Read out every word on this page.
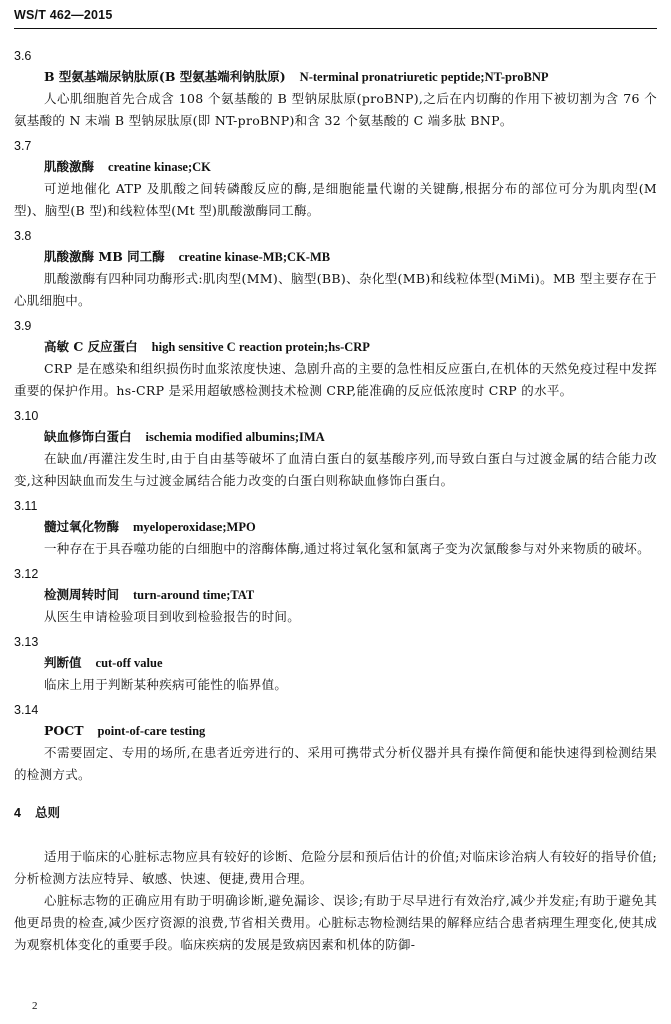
WS/T 462—2015
3.6
B 型氨基端尿钠肽原(B 型氨基端利钠肽原) N-terminal pronatriuretic peptide;NT-proBNP

人心肌细胞首先合成含 108 个氨基酸的 B 型钠尿肽原(proBNP),之后在内切酶的作用下被切割为含 76 个氨基酸的 N 末端 B 型钠尿肽原(即 NT-proBNP)和含 32 个氨基酸的 C 端多肽 BNP。

3.7
肌酸激酶 creatine kinase;CK

可逆地催化 ATP 及肌酸之间转磷酸反应的酶,是细胞能量代谢的关键酶,根据分布的部位可分为肌肉型(M 型)、脑型(B 型)和线粒体型(Mt 型)肌酸激酶同工酶。

3.8
肌酸激酶 MB 同工酶 creatine kinase-MB;CK-MB

肌酸激酶有四种同功酶形式:肌肉型(MM)、脑型(BB)、杂化型(MB)和线粒体型(MiMi)。MB 型主要存在于心肌细胞中。

3.9
高敏 C 反应蛋白 high sensitive C reaction protein;hs-CRP

CRP 是在感染和组织损伤时血浆浓度快速、急剧升高的主要的急性相反应蛋白,在机体的天然免疫过程中发挥重要的保护作用。hs-CRP 是采用超敏感检测技术检测 CRP,能准确的反应低浓度时 CRP 的水平。

3.10
缺血修饰白蛋白 ischemia modified albumins;IMA

在缺血/再灌注发生时,由于自由基等破坏了血清白蛋白的氨基酸序列,而导致白蛋白与过渡金属的结合能力改变,这种因缺血而发生与过渡金属结合能力改变的白蛋白则称缺血修饰白蛋白。

3.11
髓过氧化物酶 myeloperoxidase;MPO

一种存在于具吞噬功能的白细胞中的溶酶体酶,通过将过氧化氢和氯离子变为次氯酸参与对外来物质的破坏。

3.12
检测周转时间 turn-around time;TAT

从医生申请检验项目到收到检验报告的时间。

3.13
判断值 cut-off value

临床上用于判断某种疾病可能性的临界值。

3.14
POCT point-of-care testing

不需要固定、专用的场所,在患者近旁进行的、采用可携带式分析仪器并具有操作简便和能快速得到检测结果的检测方式。

4 总则

适用于临床的心脏标志物应具有较好的诊断、危险分层和预后估计的价值;对临床诊治病人有较好的指导价值;分析检测方法应特异、敏感、快速、便捷,费用合理。

心脏标志物的正确应用有助于明确诊断,避免漏诊、误诊;有助于尽早进行有效治疗,减少并发症;有助于避免其他更昂贵的检查,减少医疗资源的浪费,节省相关费用。心脏标志物检测结果的解释应结合患者病理生理变化,使其成为观察机体变化的重要手段。临床疾病的发展是致病因素和机体的防御-

2
